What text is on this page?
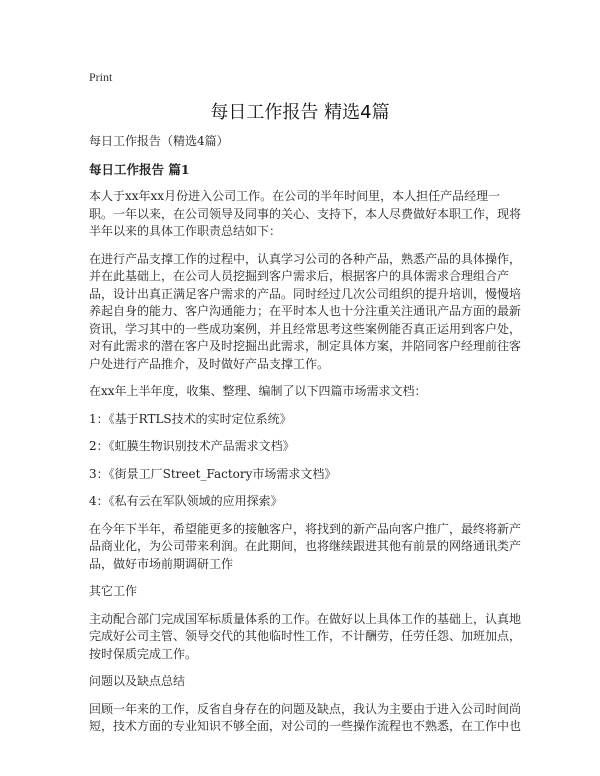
Print
每日工作报告 精选4篇

每日工作报告（精选4篇）

每日工作报告 篇1

本人于xx年xx月份进入公司工作。在公司的半年时间里，本人担任产品经理一职。一年以来，在公司领导及同事的关心、支持下，本人尽费做好本职工作，现将半年以来的具体工作职责总结如下：

在进行产品支撑工作的过程中，认真学习公司的各种产品，熟悉产品的具体操作，并在此基础上，在公司人员挖掘到客户需求后，根据客户的具体需求合理组合产品，设计出真正满足客户需求的产品。同时经过几次公司组织的提升培训，慢慢培养起自身的能力、客户沟通能力；在平时本人也十分注重关注通讯产品方面的最新资讯，学习其中的一些成功案例，并且经常思考这些案例能否真正运用到客户处，对有此需求的潜在客户及时挖掘出此需求，制定具体方案，并陪同客户经理前往客户处进行产品推介，及时做好产品支撑工作。

在xx年上半年度，收集、整理、编制了以下四篇市场需求文档：

1：《基于RTLS技术的实时定位系统》

2：《虹膜生物识别技术产品需求文档》

3：《街景工厂Street_Factory市场需求文档》

4：《私有云在军队领域的应用探索》

在今年下半年，希望能更多的接触客户，将找到的新产品向客户推广，最终将新产品商业化，为公司带来利润。在此期间，也将继续跟进其他有前景的网络通讯类产品，做好市场前期调研工作

其它工作

主动配合部门完成国军标质量体系的工作。在做好以上具体工作的基础上，认真地完成好公司主管、领导交代的其他临时性工作，不计酬劳，任劳任怨、加班加点，按时保质完成工作。

问题以及缺点总结

回顾一年来的工作，反省自身存在的问题及缺点，我认为主要由于进入公司时间尚短，技术方面的专业知识不够全面，对公司的一些操作流程也不熟悉，在工作中也
